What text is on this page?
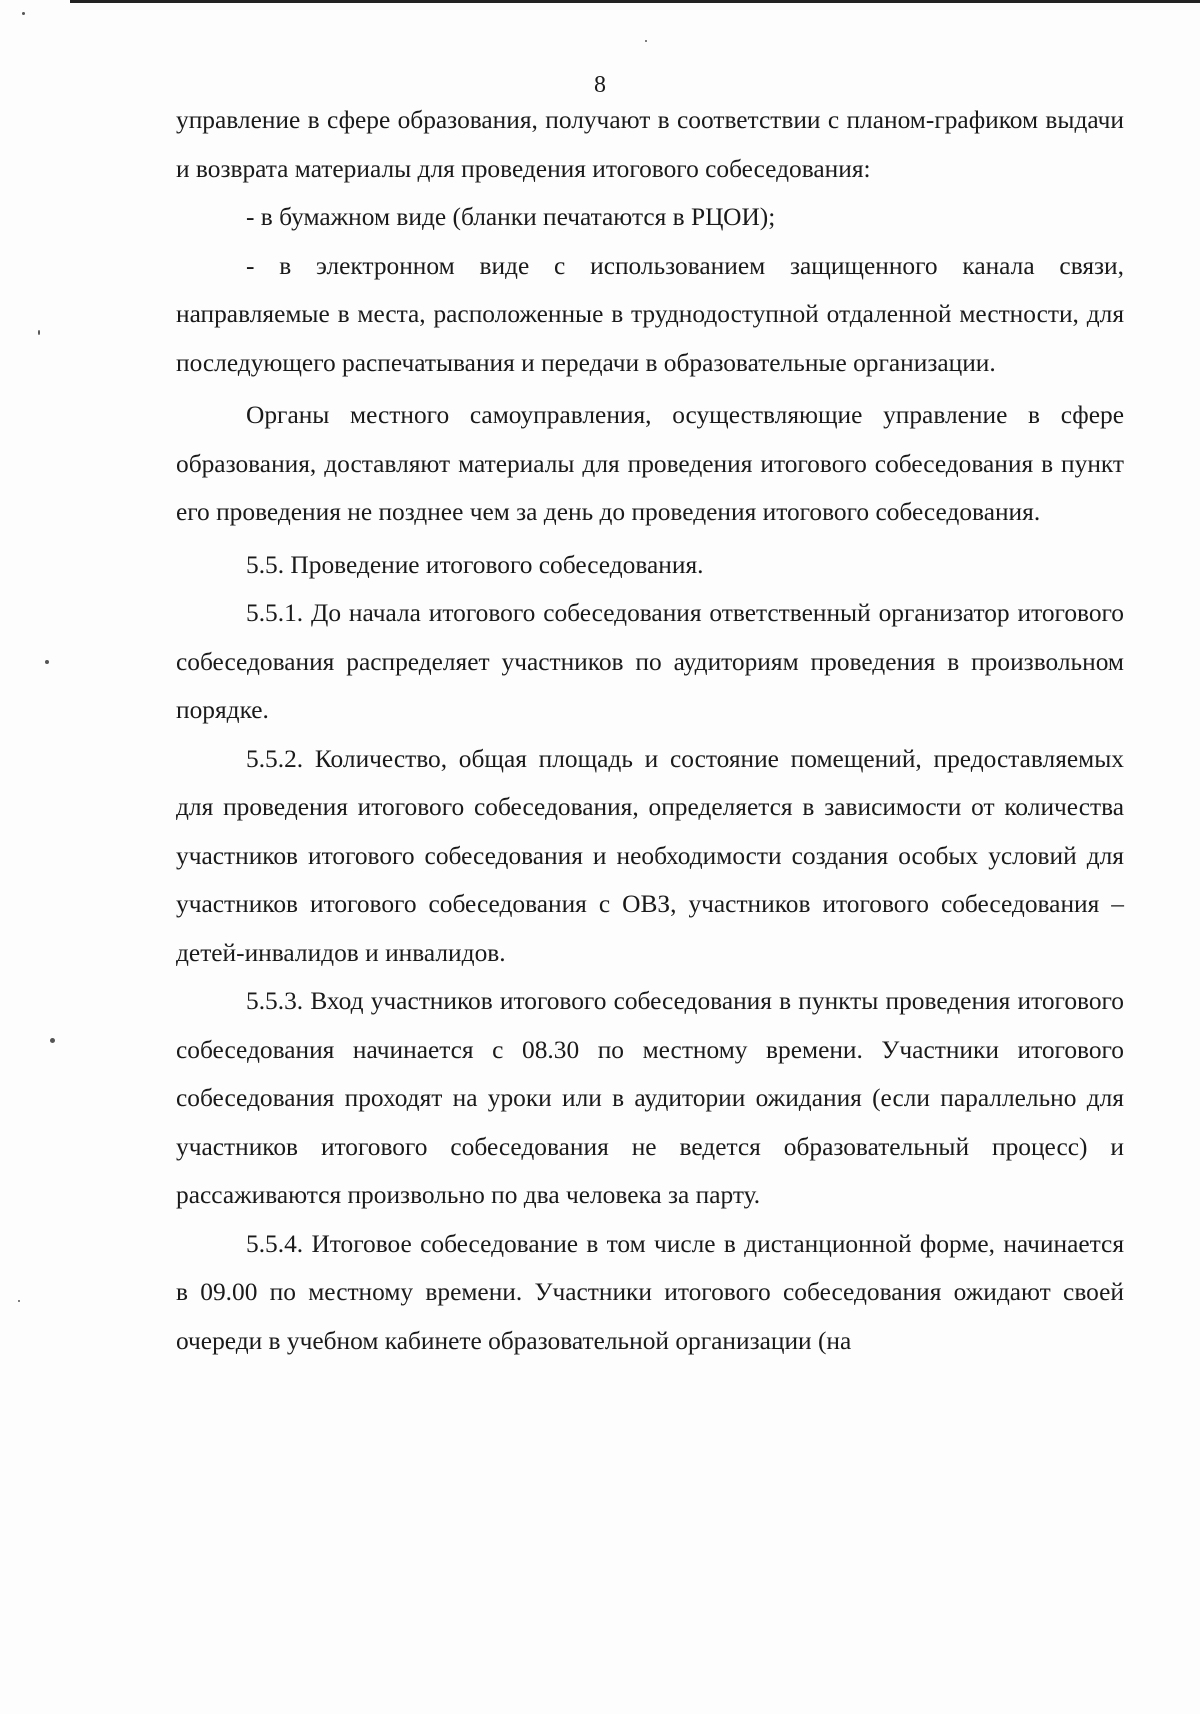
8

управление в сфере образования, получают в соответствии с планом-графиком выдачи и возврата материалы для проведения итогового собеседования:

- в бумажном виде (бланки печатаются в РЦОИ);

- в электронном виде с использованием защищенного канала связи, направляемые в места, расположенные в труднодоступной отдаленной местности, для последующего распечатывания и передачи в образовательные организации.

Органы местного самоуправления, осуществляющие управление в сфере образования, доставляют материалы для проведения итогового собеседования в пункт его проведения не позднее чем за день до проведения итогового собеседования.

5.5. Проведение итогового собеседования.

5.5.1. До начала итогового собеседования ответственный организатор итогового собеседования распределяет участников по аудиториям проведения в произвольном порядке.

5.5.2. Количество, общая площадь и состояние помещений, предоставляемых для проведения итогового собеседования, определяется в зависимости от количества участников итогового собеседования и необходимости создания особых условий для участников итогового собеседования с ОВЗ, участников итогового собеседования – детей-инвалидов и инвалидов.

5.5.3. Вход участников итогового собеседования в пункты проведения итогового собеседования начинается с 08.30 по местному времени. Участники итогового собеседования проходят на уроки или в аудитории ожидания (если параллельно для участников итогового собеседования не ведется образовательный процесс) и рассаживаются произвольно по два человека за парту.

5.5.4. Итоговое собеседование в том числе в дистанционной форме, начинается в 09.00 по местному времени. Участники итогового собеседования ожидают своей очереди в учебном кабинете образовательной организации (на
